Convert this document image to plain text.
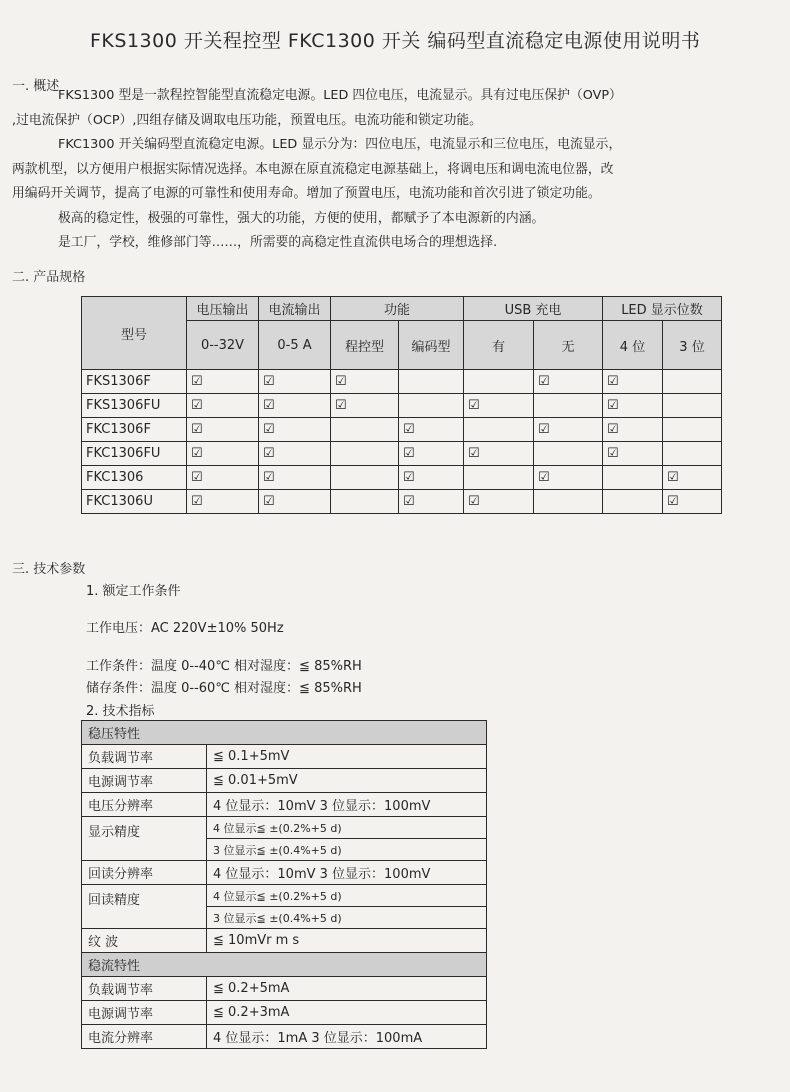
FKS1300 开关程控型 FKC1300 开关 编码型直流稳定电源使用说明书
一. 概述

FKS1300 型是一款程控智能型直流稳定电源。LED 四位电压，电流显示。具有过电压保护（OVP）

,过电流保护（OCP）,四组存储及调取电压功能，预置电压。电流功能和锁定功能。

FKC1300 开关编码型直流稳定电源。LED 显示分为：四位电压，电流显示和三位电压，电流显示，

两款机型，以方便用户根据实际情况选择。本电源在原直流稳定电源基础上，将调电压和调电流电位器，改

用编码开关调节，提高了电源的可靠性和使用寿命。增加了预置电压，电流功能和首次引进了锁定功能。

极高的稳定性，极强的可靠性，强大的功能，方便的使用，都赋予了本电源新的内涵。

是工厂，学校，维修部门等……，所需要的高稳定性直流供电场合的理想选择.

二. 产品规格
型号	电压输出	电流输出	功能		USB 充电		LED 显示位数	
	0--32V	0-5 A	程控型	编码型	有	无	4 位	3 位
FKS1306F	☑	☑	☑			☑	☑	
FKS1306FU	☑	☑	☑		☑		☑	
FKC1306F	☑	☑		☑		☑	☑	
FKC1306FU	☑	☑		☑	☑		☑	
FKC1306	☑	☑		☑		☑		☑
FKC1306U	☑	☑		☑	☑			☑
三. 技术参数
1. 额定工作条件
工作电压：AC 220V±10% 50Hz
工作条件：温度 0--40℃ 相对湿度：≦ 85%RH
储存条件：温度 0--60℃ 相对湿度：≦ 85%RH
2. 技术指标
稳压特性	
负载调节率	≦ 0.1+5mV
电源调节率	≦ 0.01+5mV
电压分辨率	4 位显示：10mV 3 位显示：100mV
显示精度	4 位显示≦ ±(0.2%+5 d)
	3 位显示≦ ±(0.4%+5 d)
回读分辨率	4 位显示：10mV 3 位显示：100mV
回读精度	4 位显示≦ ±(0.2%+5 d)
	3 位显示≦ ±(0.4%+5 d)
纹 波	≦ 10mVr m s
稳流特性	
负载调节率	≦ 0.2+5mA
电源调节率	≦ 0.2+3mA
电流分辨率	4 位显示：1mA 3 位显示：100mA
